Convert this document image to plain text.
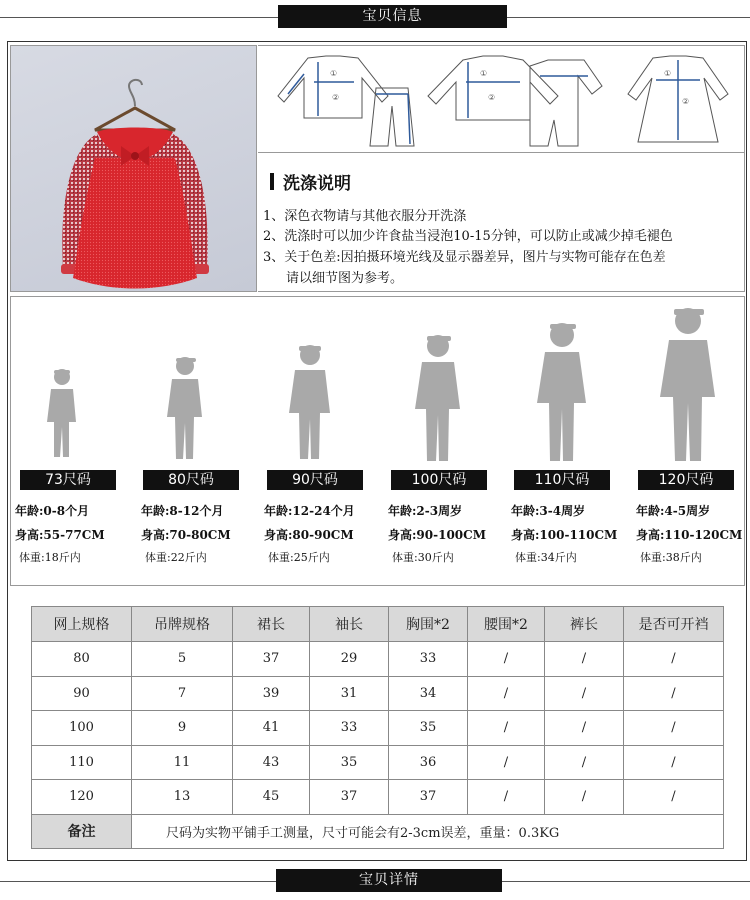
宝贝信息
①
②
①
②
①
②
洗涤说明
1、深色衣物请与其他衣服分开洗涤
2、洗涤时可以加少许食盐当浸泡10-15分钟，可以防止或减少掉毛褪色
3、关于色差:因拍摄环境光线及显示器差异，图片与实物可能存在色差
请以细节图为参考。
73尺码	80尺码	90尺码	100尺码	110尺码	120尺码
年龄:0-8个月
身高:55-77CM
体重:18斤内
年龄:8-12个月
身高:70-80CM
体重:22斤内
年龄:12-24个月
身高:80-90CM
体重:25斤内
年龄:2-3周岁
身高:90-100CM
体重:30斤内
年龄:3-4周岁
身高:100-110CM
体重:34斤内
年龄:4-5周岁
身高:110-120CM
体重:38斤内
网上规格	吊牌规格	裙长	袖长	胸围*2	腰围*2	裤长	是否可开裆
80	5	37	29	33	/	/	/
90	7	39	31	34	/	/	/
100	9	41	33	35	/	/	/
110	11	43	35	36	/	/	/
120	13	45	37	37	/	/	/
备注	尺码为实物平铺手工测量，尺寸可能会有2-3cm误差，重量：0.3KG						
宝贝详情
